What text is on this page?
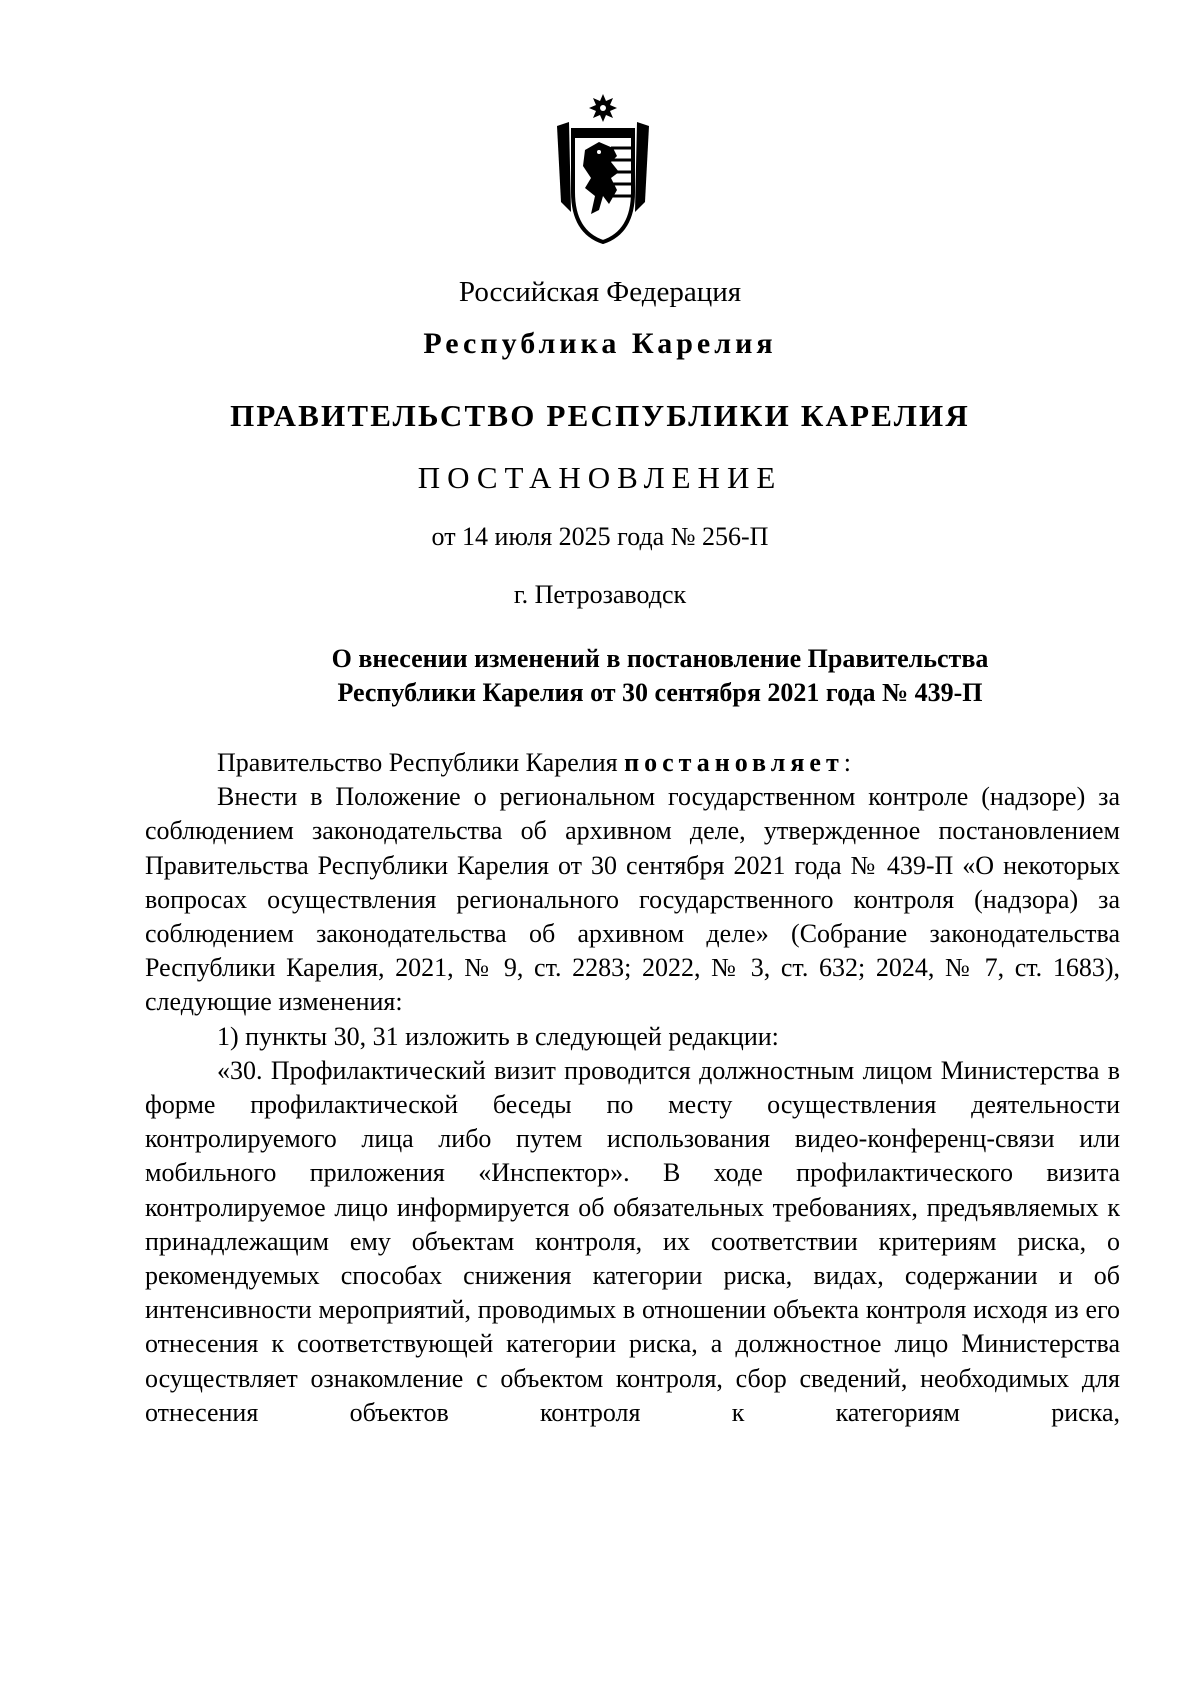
Российская Федерация
Республика Карелия
ПРАВИТЕЛЬСТВО РЕСПУБЛИКИ КАРЕЛИЯ
ПОСТАНОВЛЕНИЕ
от 14 июля 2025 года № 256-П
г. Петрозаводск
О внесении изменений в постановление Правительства
Республики Карелия от 30 сентября 2021 года № 439-П

Правительство Республики Карелия постановляет:

Внести в Положение о региональном государственном контроле (надзоре) за соблюдением законодательства об архивном деле, утвержденное постановлением Правительства Республики Карелия от 30 сентября 2021 года № 439-П «О некоторых вопросах осуществления регионального государственного контроля (надзора) за соблюдением законодательства об архивном деле» (Собрание законодательства Республики Карелия, 2021, № 9, ст. 2283; 2022, № 3, ст. 632; 2024, № 7, ст. 1683), следующие изменения:

1) пункты 30, 31 изложить в следующей редакции:

«30. Профилактический визит проводится должностным лицом Министерства в форме профилактической беседы по месту осуществления деятельности контролируемого лица либо путем использования видео-конференц-связи или мобильного приложения «Инспектор». В ходе профилактического визита контролируемое лицо информируется об обязательных требованиях, предъявляемых к принадлежащим ему объектам контроля, их соответствии критериям риска, о рекомендуемых способах снижения категории риска, видах, содержании и об интенсивности мероприятий, проводимых в отношении объекта контроля исходя из его отнесения к соответствующей категории риска, а должностное лицо Министерства осуществляет ознакомление с объектом контроля, сбор сведений, необходимых для отнесения объектов контроля к категориям риска,
